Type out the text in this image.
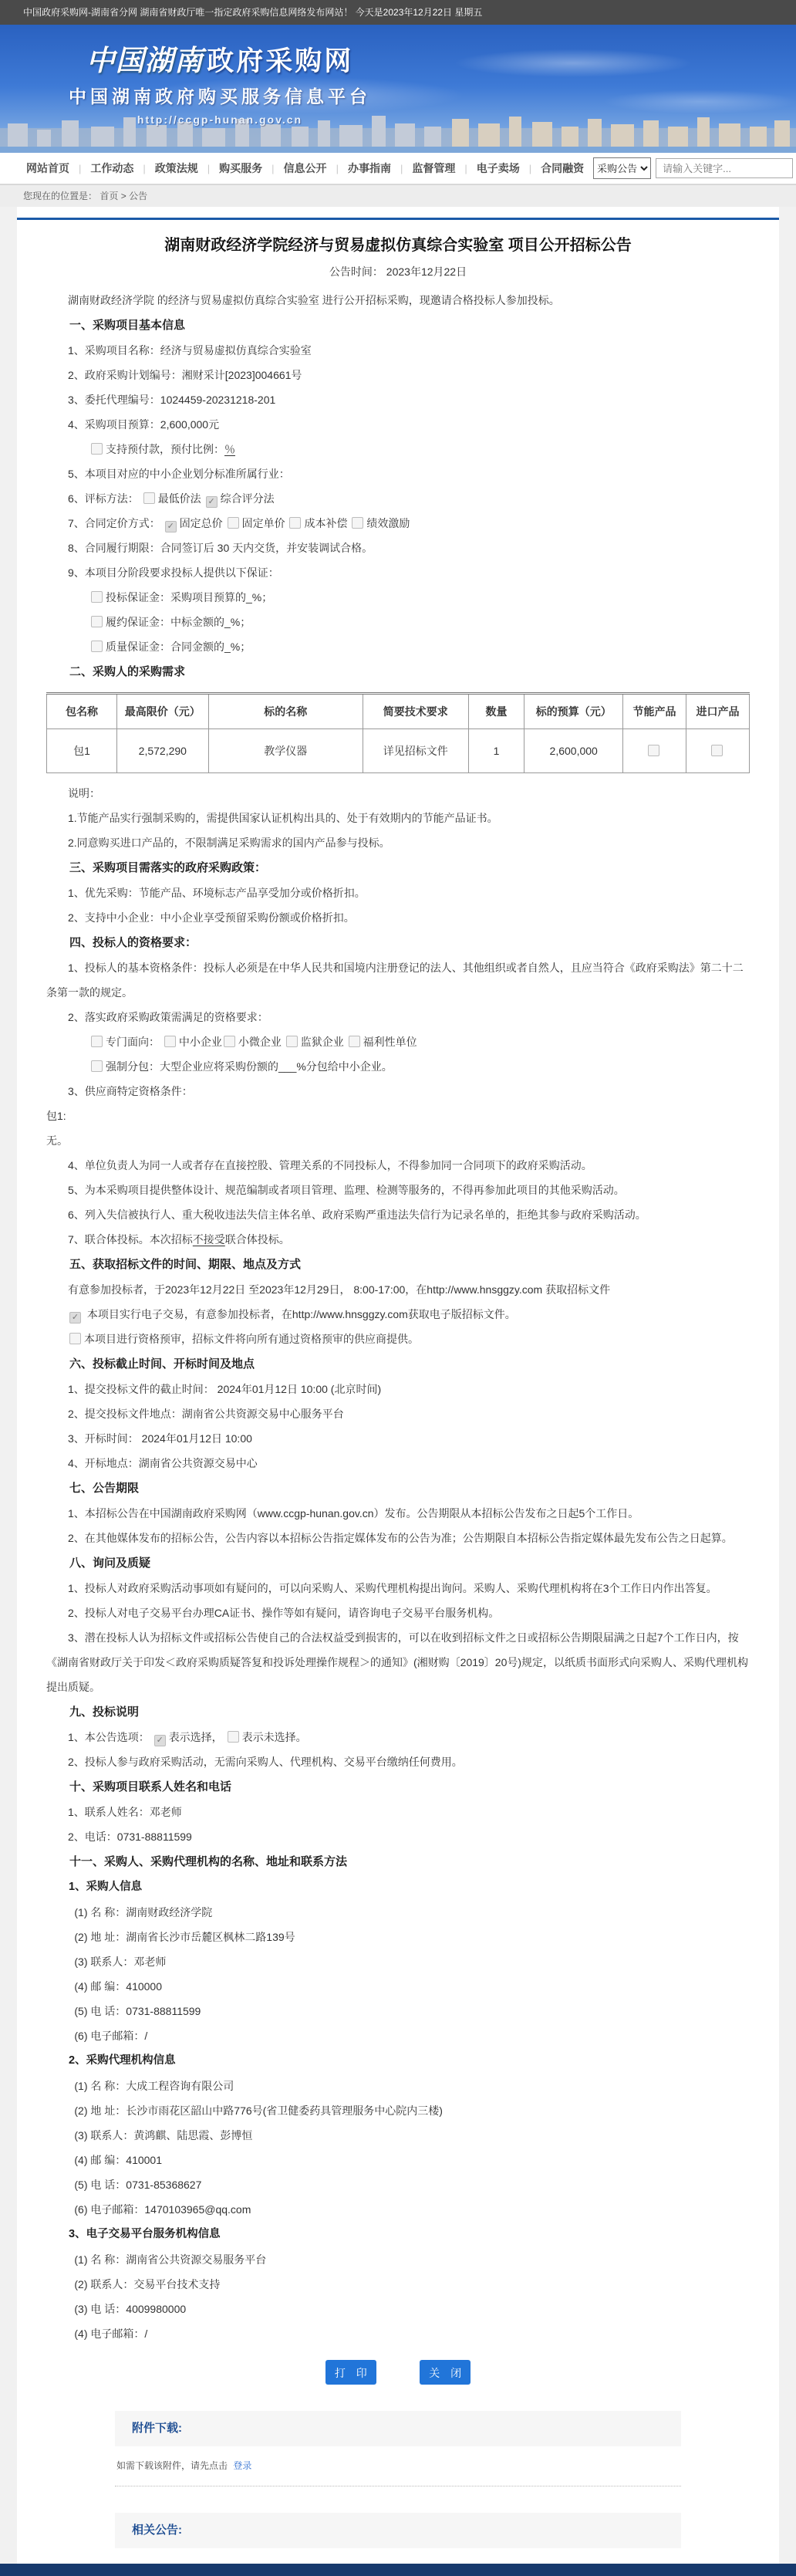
中国政府采购网-湖南省分网 湖南省财政厅唯一指定政府采购信息网络发布网站！ 今天是2023年12月22日 星期五
中国湖南 政府采购网
中国湖南政府购买服务信息平台
http://ccgp-hunan.gov.cn
网站首页 | 工作动态 | 政策法规 | 购买服务 | 信息公开 | 办事指南 | 监督管理 | 电子卖场 | 合同融资
采购公告
请输入关键字...
您现在的位置是： 首页 > 公告
湖南财政经济学院经济与贸易虚拟仿真综合实验室 项目公开招标公告

公告时间： 2023年12月22日

湖南财政经济学院 的经济与贸易虚拟仿真综合实验室 进行公开招标采购，现邀请合格投标人参加投标。

一、采购项目基本信息

1、采购项目名称：经济与贸易虚拟仿真综合实验室

2、政府采购计划编号：湘财采计[2023]004661号

3、委托代理编号：1024459-20231218-201

4、采购项目预算：2,600,000元

支持预付款，预付比例：％

5、本项目对应的中小企业划分标准所属行业：

6、评标方法： 最低价法 ✓ 综合评分法

7、合同定价方式： ✓ 固定总价 固定单价 成本补偿 绩效激励

8、合同履行期限：合同签订后 30 天内交货，并安装调试合格。

9、本项目分阶段要求投标人提供以下保证：

投标保证金：采购项目预算的_%；

履约保证金：中标金额的_%；

质量保证金：合同金额的_%；

二、采购人的采购需求
包名称	最高限价（元）	标的名称	简要技术要求	数量	标的预算（元）	节能产品	进口产品
包1	2,572,290	教学仪器	详见招标文件	1	2,600,000		

说明：

1.节能产品实行强制采购的，需提供国家认证机构出具的、处于有效期内的节能产品证书。

2.同意购买进口产品的，不限制满足采购需求的国内产品参与投标。

三、采购项目需落实的政府采购政策：

1、优先采购：节能产品、环境标志产品享受加分或价格折扣。

2、支持中小企业：中小企业享受预留采购份额或价格折扣。

四、投标人的资格要求：

1、投标人的基本资格条件：投标人必须是在中华人民共和国境内注册登记的法人、其他组织或者自然人，且应当符合《政府采购法》第二十二条第一款的规定。

2、落实政府采购政策需满足的资格要求：

专门面向： 中小企业 小微企业 监狱企业 福利性单位

强制分包：大型企业应将采购份额的___%分包给中小企业。

3、供应商特定资格条件：

包1:

无。

4、单位负责人为同一人或者存在直接控股、管理关系的不同投标人，不得参加同一合同项下的政府采购活动。

5、为本采购项目提供整体设计、规范编制或者项目管理、监理、检测等服务的，不得再参加此项目的其他采购活动。

6、列入失信被执行人、重大税收违法失信主体名单、政府采购严重违法失信行为记录名单的，拒绝其参与政府采购活动。

7、联合体投标。本次招标不接受联合体投标。

五、获取招标文件的时间、期限、地点及方式

有意参加投标者，于2023年12月22日 至2023年12月29日， 8:00-17:00，在http://www.hnsggzy.com 获取招标文件

✓ 本项目实行电子交易，有意参加投标者，在http://www.hnsggzy.com获取电子版招标文件。

本项目进行资格预审，招标文件将向所有通过资格预审的供应商提供。

六、投标截止时间、开标时间及地点

1、提交投标文件的截止时间： 2024年01月12日 10:00 (北京时间)

2、提交投标文件地点：湖南省公共资源交易中心服务平台

3、开标时间： 2024年01月12日 10:00

4、开标地点：湖南省公共资源交易中心

七、公告期限

1、本招标公告在中国湖南政府采购网（www.ccgp-hunan.gov.cn）发布。公告期限从本招标公告发布之日起5个工作日。

2、在其他媒体发布的招标公告，公告内容以本招标公告指定媒体发布的公告为准；公告期限自本招标公告指定媒体最先发布公告之日起算。

八、询问及质疑

1、投标人对政府采购活动事项如有疑问的，可以向采购人、采购代理机构提出询问。采购人、采购代理机构将在3个工作日内作出答复。

2、投标人对电子交易平台办理CA证书、操作等如有疑问，请咨询电子交易平台服务机构。

3、潜在投标人认为招标文件或招标公告使自己的合法权益受到损害的，可以在收到招标文件之日或招标公告期限届满之日起7个工作日内，按《湖南省财政厅关于印发＜政府采购质疑答复和投诉处理操作规程＞的通知》(湘财购〔2019〕20号)规定，以纸质书面形式向采购人、采购代理机构提出质疑。

九、投标说明

1、本公告选项： ✓ 表示选择， 表示未选择。

2、投标人参与政府采购活动，无需向采购人、代理机构、交易平台缴纳任何费用。

十、采购项目联系人姓名和电话

1、联系人姓名：邓老师

2、电话：0731-88811599

十一、采购人、采购代理机构的名称、地址和联系方法
1、采购人信息

(1) 名 称：湖南财政经济学院

(2) 地 址：湖南省长沙市岳麓区枫林二路139号

(3) 联系人：邓老师

(4) 邮 编：410000

(5) 电 话：0731-88811599

(6) 电子邮箱：/

2、采购代理机构信息

(1) 名 称：大成工程咨询有限公司

(2) 地 址：长沙市雨花区韶山中路776号(省卫健委药具管理服务中心院内三楼)

(3) 联系人：黄鸿麒、陆思霞、彭博恒

(4) 邮 编：410001

(5) 电 话：0731-85368627

(6) 电子邮箱：1470103965@qq.com

3、电子交易平台服务机构信息

(1) 名 称：湖南省公共资源交易服务平台

(2) 联系人：交易平台技术支持

(3) 电 话：4009980000

(4) 电子邮箱：/

打 印	关 闭
附件下载:
如需下载该附件，请先点击 登录
相关公告:
